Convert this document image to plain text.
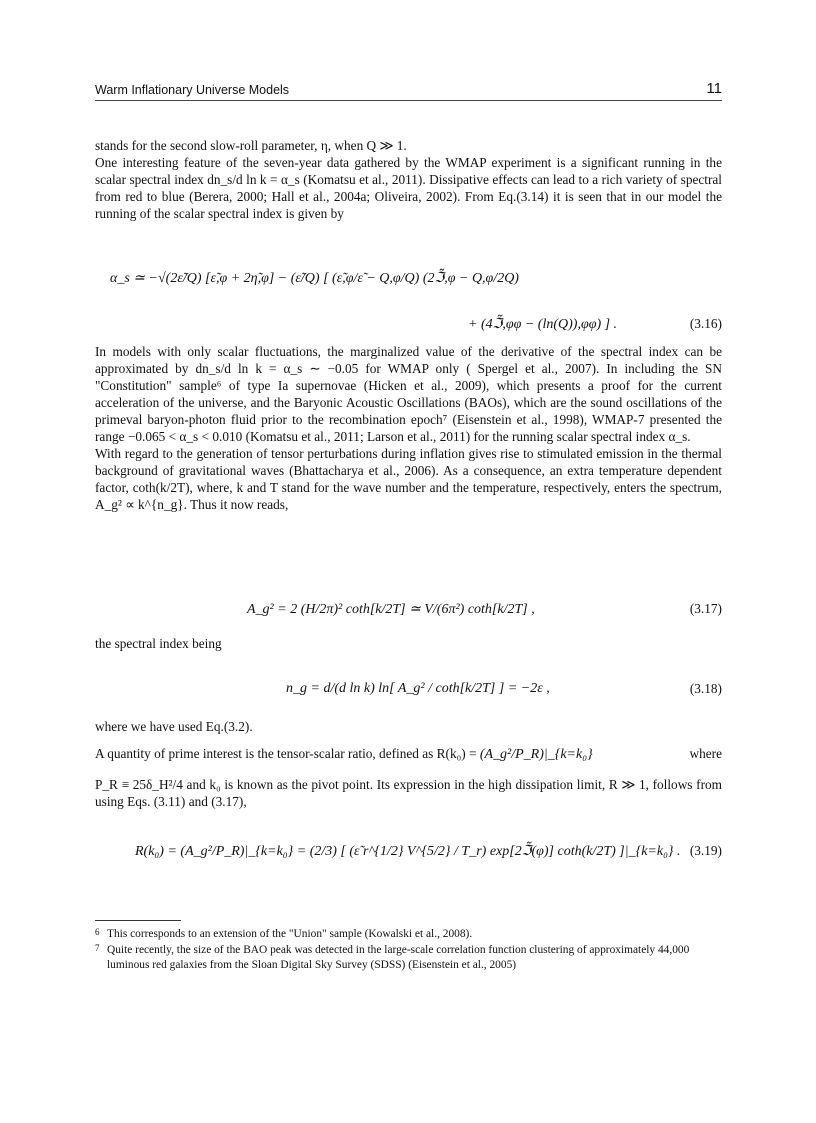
Warm Inflationary Universe Models	11

stands for the second slow-roll parameter, η, when Q ≫ 1.

One interesting feature of the seven-year data gathered by the WMAP experiment is a significant running in the scalar spectral index dn_s/d ln k = α_s (Komatsu et al., 2011). Dissipative effects can lead to a rich variety of spectral from red to blue (Berera, 2000; Hall et al., 2004a; Oliveira, 2002). From Eq.(3.14) it is seen that in our model the running of the scalar spectral index is given by

α_s ≃ −√(2ε̃/Q) [ε̃,φ + 2η̃,φ] − (ε̃/Q) [ (ε̃,φ/ε̃ − Q,φ/Q) (2ℑ̃,φ − Q,φ/2Q)
+ (4ℑ̃,φφ − (ln(Q)),φφ) ] .	(3.16)

In models with only scalar fluctuations, the marginalized value of the derivative of the spectral index can be approximated by dn_s/d ln k = α_s ∼ −0.05 for WMAP only ( Spergel et al., 2007). In including the SN "Constitution" sample⁶ of type Ia supernovae (Hicken et al., 2009), which presents a proof for the current acceleration of the universe, and the Baryonic Acoustic Oscillations (BAOs), which are the sound oscillations of the primeval baryon-photon fluid prior to the recombination epoch⁷ (Eisenstein et al., 1998), WMAP-7 presented the range −0.065 < α_s < 0.010 (Komatsu et al., 2011; Larson et al., 2011) for the running scalar spectral index α_s.

With regard to the generation of tensor perturbations during inflation gives rise to stimulated emission in the thermal background of gravitational waves (Bhattacharya et al., 2006). As a consequence, an extra temperature dependent factor, coth(k/2T), where, k and T stand for the wave number and the temperature, respectively, enters the spectrum, A_g² ∝ k^{n_g}. Thus it now reads,

A_g² = 2 (H/2π)² coth[k/2T] ≃ V/(6π²) coth[k/2T] ,	(3.17)

the spectral index being

n_g = d/(d ln k) ln[ A_g² / coth[k/2T] ] = −2ε ,	(3.18)

where we have used Eq.(3.2).

A quantity of prime interest is the tensor-scalar ratio, defined as R(k₀) = (A_g²/P_R)|_{k=k₀}	where

P_R ≡ 25δ_H²/4 and k₀ is known as the pivot point. Its expression in the high dissipation limit, R ≫ 1, follows from using Eqs. (3.11) and (3.17),

R(k₀) = (A_g²/P_R)|_{k=k₀} = (2/3) [ (ε̃ r^{1/2} V^{5/2} / T_r) exp[2ℑ̃(φ)] coth(k/2T) ]|_{k=k₀} . (3.19)
6 This corresponds to an extension of the "Union" sample (Kowalski et al., 2008).
7 Quite recently, the size of the BAO peak was detected in the large-scale correlation function clustering of approximately 44,000 luminous red galaxies from the Sloan Digital Sky Survey (SDSS) (Eisenstein et al., 2005)
